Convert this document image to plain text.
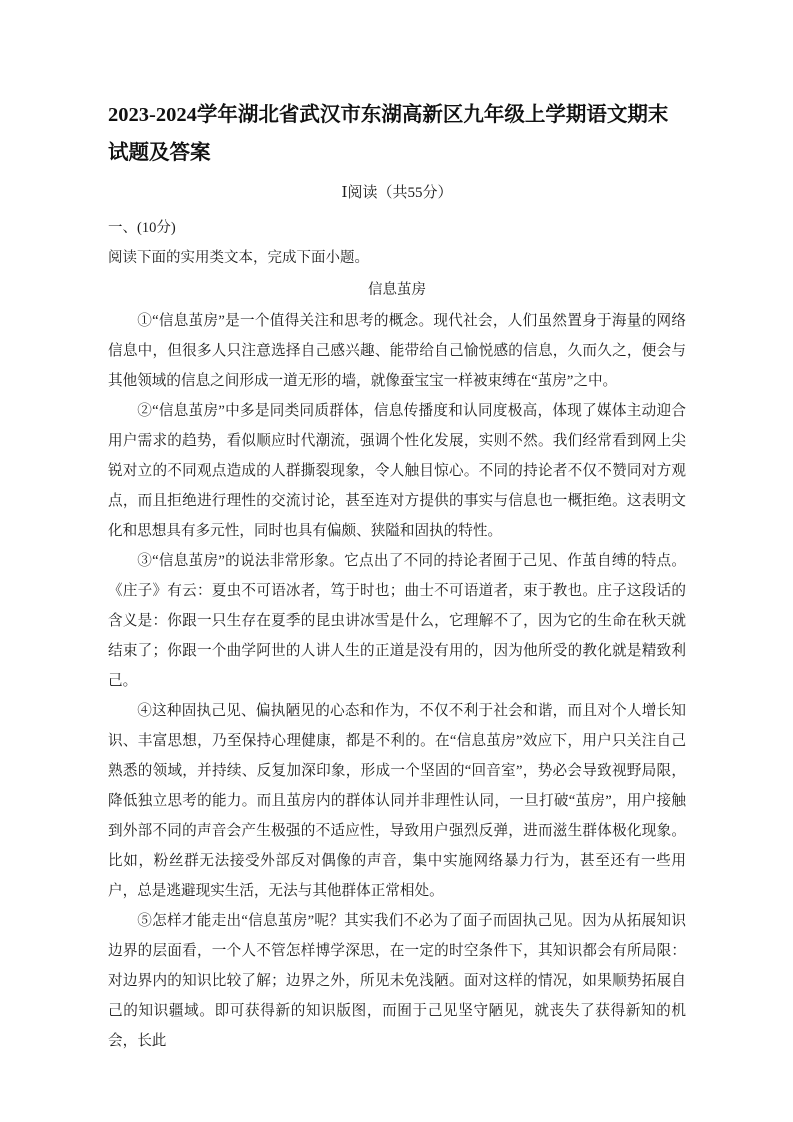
2023-2024学年湖北省武汉市东湖高新区九年级上学期语文期末试题及答案
Ⅰ阅读（共55分）
一、(10分)
阅读下面的实用类文本，完成下面小题。
信息茧房

①“信息茧房”是一个值得关注和思考的概念。现代社会，人们虽然置身于海量的网络信息中，但很多人只注意选择自己感兴趣、能带给自己愉悦感的信息，久而久之，便会与其他领域的信息之间形成一道无形的墙，就像蚕宝宝一样被束缚在“茧房”之中。

②“信息茧房”中多是同类同质群体，信息传播度和认同度极高，体现了媒体主动迎合用户需求的趋势，看似顺应时代潮流，强调个性化发展，实则不然。我们经常看到网上尖锐对立的不同观点造成的人群撕裂现象，令人触目惊心。不同的持论者不仅不赞同对方观点，而且拒绝进行理性的交流讨论，甚至连对方提供的事实与信息也一概拒绝。这表明文化和思想具有多元性，同时也具有偏颇、狭隘和固执的特性。

③“信息茧房”的说法非常形象。它点出了不同的持论者囿于己见、作茧自缚的特点。《庄子》有云：夏虫不可语冰者，笃于时也；曲士不可语道者，束于教也。庄子这段话的含义是：你跟一只生存在夏季的昆虫讲冰雪是什么，它理解不了，因为它的生命在秋天就结束了；你跟一个曲学阿世的人讲人生的正道是没有用的，因为他所受的教化就是精致利己。

④这种固执己见、偏执陋见的心态和作为，不仅不利于社会和谐，而且对个人增长知识、丰富思想，乃至保持心理健康，都是不利的。在“信息茧房”效应下，用户只关注自己熟悉的领域，并持续、反复加深印象，形成一个坚固的“回音室”，势必会导致视野局限，降低独立思考的能力。而且茧房内的群体认同并非理性认同，一旦打破“茧房”，用户接触到外部不同的声音会产生极强的不适应性，导致用户强烈反弹，进而滋生群体极化现象。比如，粉丝群无法接受外部反对偶像的声音，集中实施网络暴力行为，甚至还有一些用户，总是逃避现实生活，无法与其他群体正常相处。

⑤怎样才能走出“信息茧房”呢？其实我们不必为了面子而固执己见。因为从拓展知识边界的层面看，一个人不管怎样博学深思，在一定的时空条件下，其知识都会有所局限：对边界内的知识比较了解；边界之外，所见未免浅陋。面对这样的情况，如果顺势拓展自己的知识疆域。即可获得新的知识版图，而囿于己见坚守陋见，就丧失了获得新知的机会，长此
